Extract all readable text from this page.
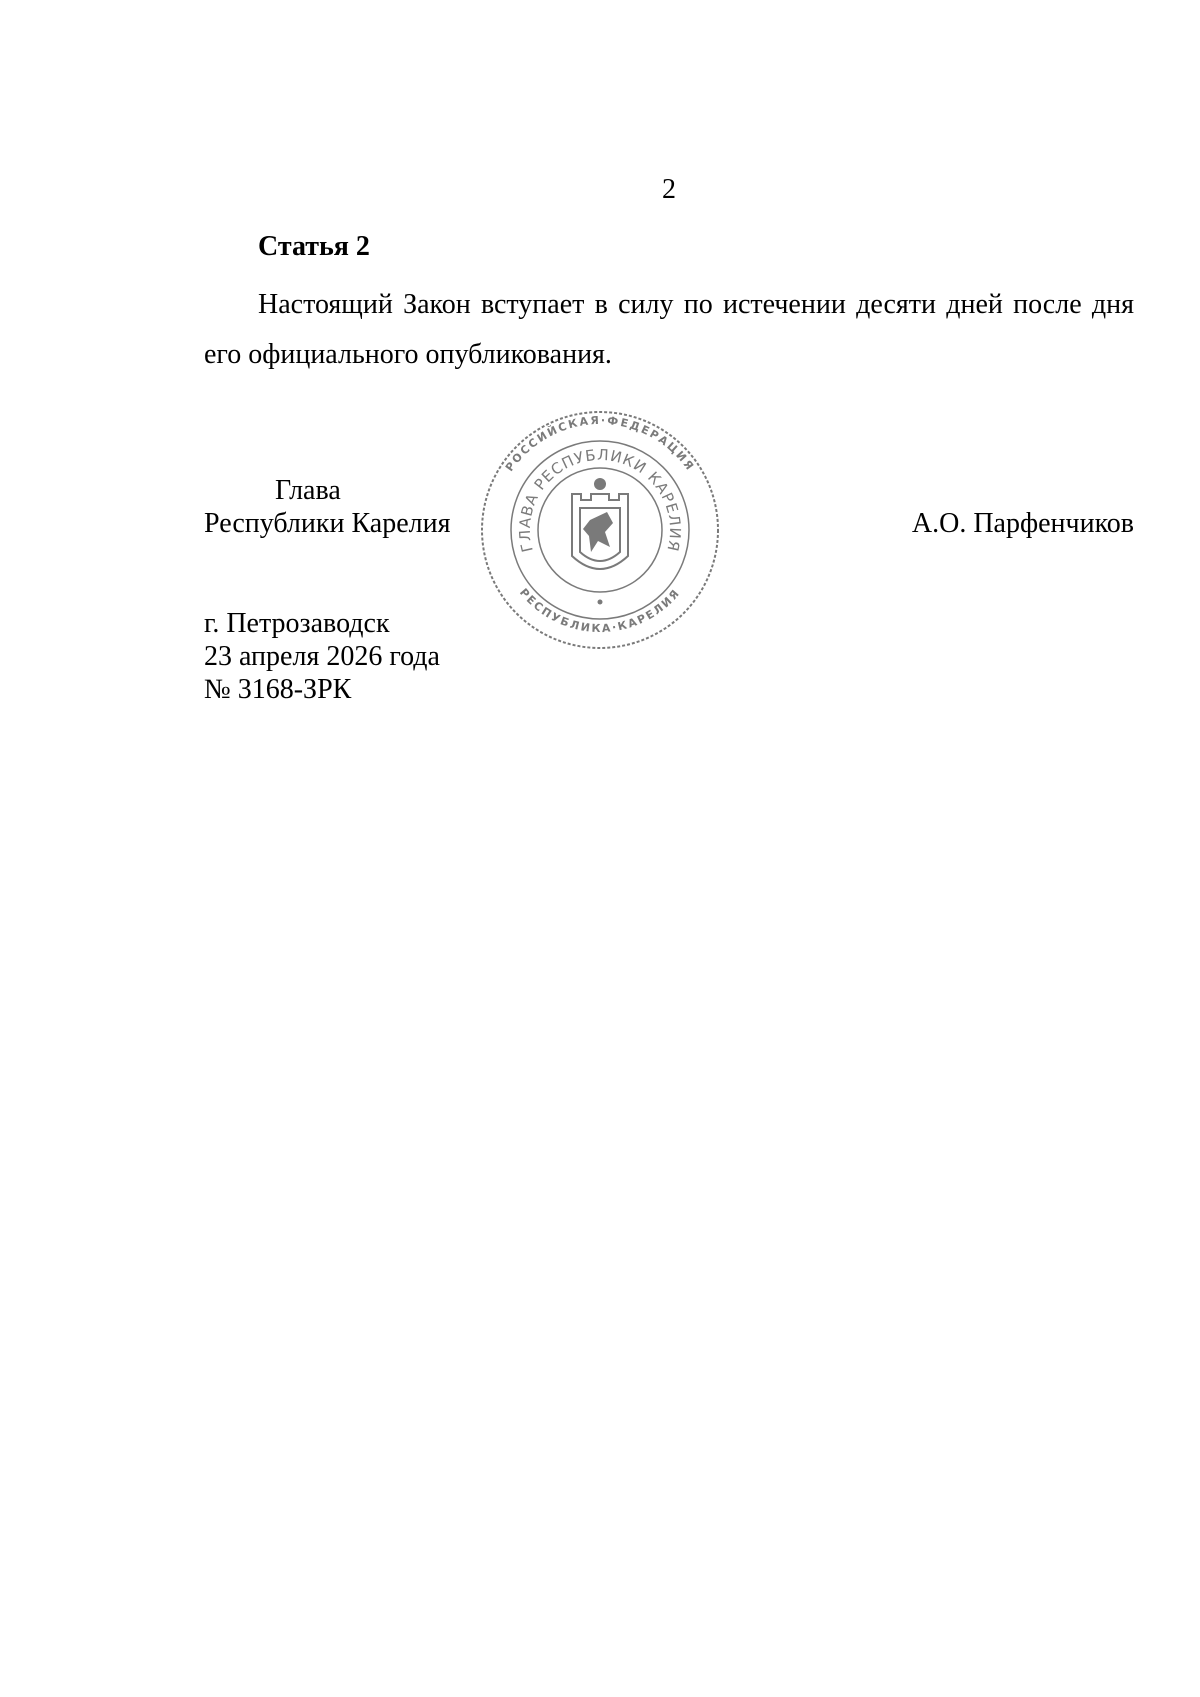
2
Статья 2
Настоящий Закон вступает в силу по истечении десяти дней после дня его официального опубликования.
Глава
Республики Карелия	А.О. Парфенчиков
г. Петрозаводск
23 апреля 2026 года
№ 3168-ЗРК
РОССИЙСКАЯ·ФЕДЕРАЦИЯ
РЕСПУБЛИКА·КАРЕЛИЯ
ГЛАВА РЕСПУБЛИКИ КАРЕЛИЯ
